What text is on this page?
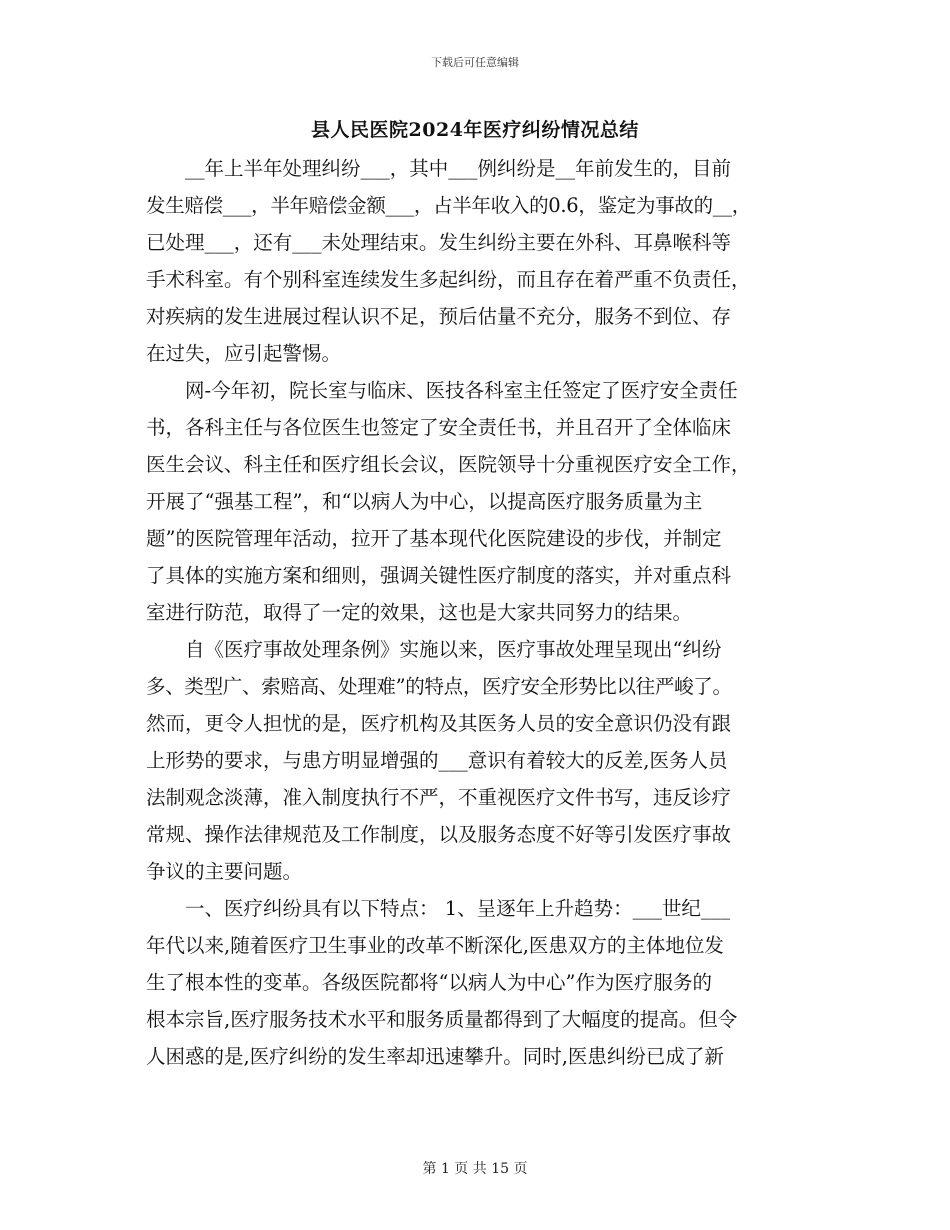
下载后可任意编辑
县人民医院2024年医疗纠纷情况总结
__年上半年处理纠纷___，其中___例纠纷是__年前发生的，目前
发生赔偿___，半年赔偿金额___，占半年收入的0.6，鉴定为事故的__，
已处理___，还有___未处理结束。发生纠纷主要在外科、耳鼻喉科等
手术科室。有个别科室连续发生多起纠纷，而且存在着严重不负责任，
对疾病的发生进展过程认识不足，预后估量不充分，服务不到位、存
在过失，应引起警惕。
网-今年初，院长室与临床、医技各科室主任签定了医疗安全责任
书，各科主任与各位医生也签定了安全责任书，并且召开了全体临床
医生会议、科主任和医疗组长会议，医院领导十分重视医疗安全工作，
开展了“强基工程”，和“以病人为中心，以提高医疗服务质量为主
题”的医院管理年活动，拉开了基本现代化医院建设的步伐，并制定
了具体的实施方案和细则，强调关键性医疗制度的落实，并对重点科
室进行防范，取得了一定的效果，这也是大家共同努力的结果。
自《医疗事故处理条例》实施以来，医疗事故处理呈现出“纠纷
多、类型广、索赔高、处理难”的特点，医疗安全形势比以往严峻了。
然而，更令人担忧的是，医疗机构及其医务人员的安全意识仍没有跟
上形势的要求，与患方明显增强的___意识有着较大的反差,医务人员
法制观念淡薄，准入制度执行不严，不重视医疗文件书写，违反诊疗
常规、操作法律规范及工作制度，以及服务态度不好等引发医疗事故
争议的主要问题。
一、医疗纠纷具有以下特点： 1、呈逐年上升趋势：___世纪___
年代以来,随着医疗卫生事业的改革不断深化,医患双方的主体地位发
生了根本性的变革。各级医院都将“以病人为中心”作为医疗服务的
根本宗旨,医疗服务技术水平和服务质量都得到了大幅度的提高。但令
人困惑的是,医疗纠纷的发生率却迅速攀升。同时,医患纠纷已成了新
第 1 页 共 15 页
